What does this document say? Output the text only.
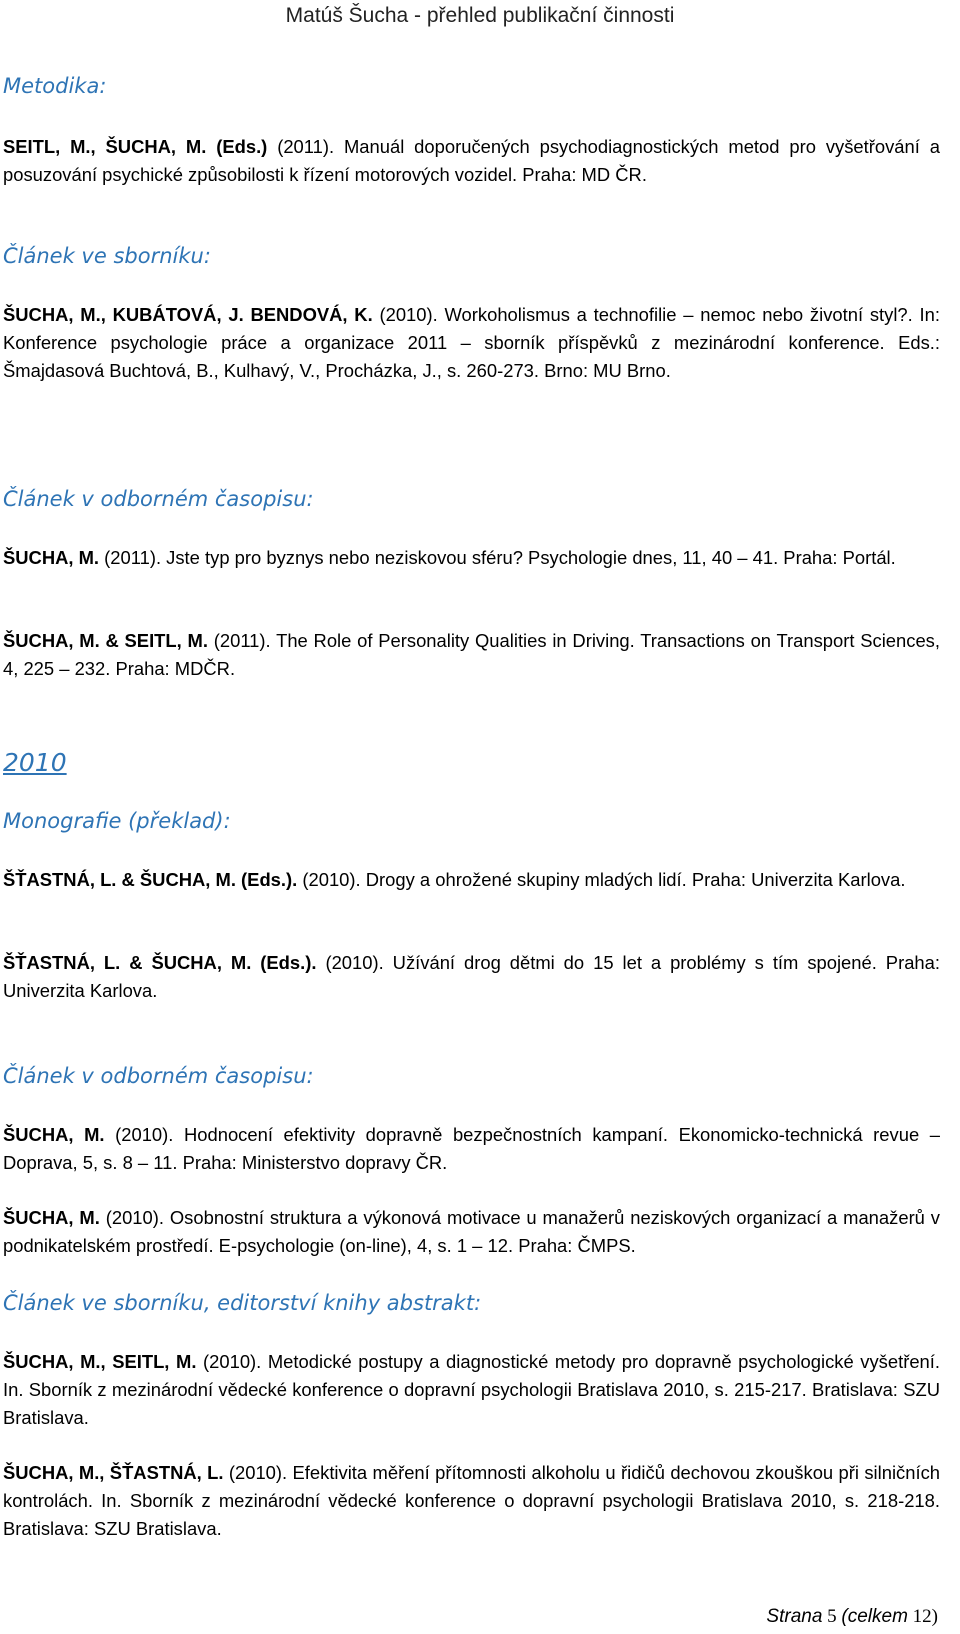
Matúš Šucha - přehled publikační činnosti
Metodika:
SEITL, M., ŠUCHA, M. (Eds.) (2011). Manuál doporučených psychodiagnostických metod pro vyšetřování a posuzování psychické způsobilosti k řízení motorových vozidel. Praha: MD ČR.
Článek ve sborníku:
ŠUCHA, M., KUBÁTOVÁ, J. BENDOVÁ, K. (2010). Workoholismus a technofilie – nemoc nebo životní styl?. In: Konference psychologie práce a organizace 2011 – sborník příspěvků z mezinárodní konference. Eds.: Šmajdasová Buchtová, B., Kulhavý, V., Procházka, J., s. 260-273. Brno: MU Brno.
Článek v odborném časopisu:
ŠUCHA, M. (2011). Jste typ pro byznys nebo neziskovou sféru? Psychologie dnes, 11, 40 – 41. Praha: Portál.
ŠUCHA, M. & SEITL, M. (2011). The Role of Personality Qualities in Driving. Transactions on Transport Sciences, 4, 225 – 232. Praha: MDČR.
2010
Monografie (překlad):
ŠŤASTNÁ, L. & ŠUCHA, M. (Eds.). (2010). Drogy a ohrožené skupiny mladých lidí. Praha: Univerzita Karlova.
ŠŤASTNÁ, L. & ŠUCHA, M. (Eds.). (2010). Užívání drog dětmi do 15 let a problémy s tím spojené. Praha: Univerzita Karlova.
Článek v odborném časopisu:
ŠUCHA, M. (2010). Hodnocení efektivity dopravně bezpečnostních kampaní. Ekonomicko-technická revue – Doprava, 5, s. 8 – 11. Praha: Ministerstvo dopravy ČR.
ŠUCHA, M. (2010). Osobnostní struktura a výkonová motivace u manažerů neziskových organizací a manažerů v podnikatelském prostředí. E-psychologie (on-line), 4, s. 1 – 12. Praha: ČMPS.
Článek ve sborníku, editorství knihy abstrakt:
ŠUCHA, M., SEITL, M. (2010). Metodické postupy a diagnostické metody pro dopravně psychologické vyšetření. In. Sborník z mezinárodní vědecké konference o dopravní psychologii Bratislava 2010, s. 215-217. Bratislava: SZU Bratislava.
ŠUCHA, M., ŠŤASTNÁ, L. (2010). Efektivita měření přítomnosti alkoholu u řidičů dechovou zkouškou při silničních kontrolách. In. Sborník z mezinárodní vědecké konference o dopravní psychologii Bratislava 2010, s. 218-218. Bratislava: SZU Bratislava.
Strana 5 (celkem 12)
